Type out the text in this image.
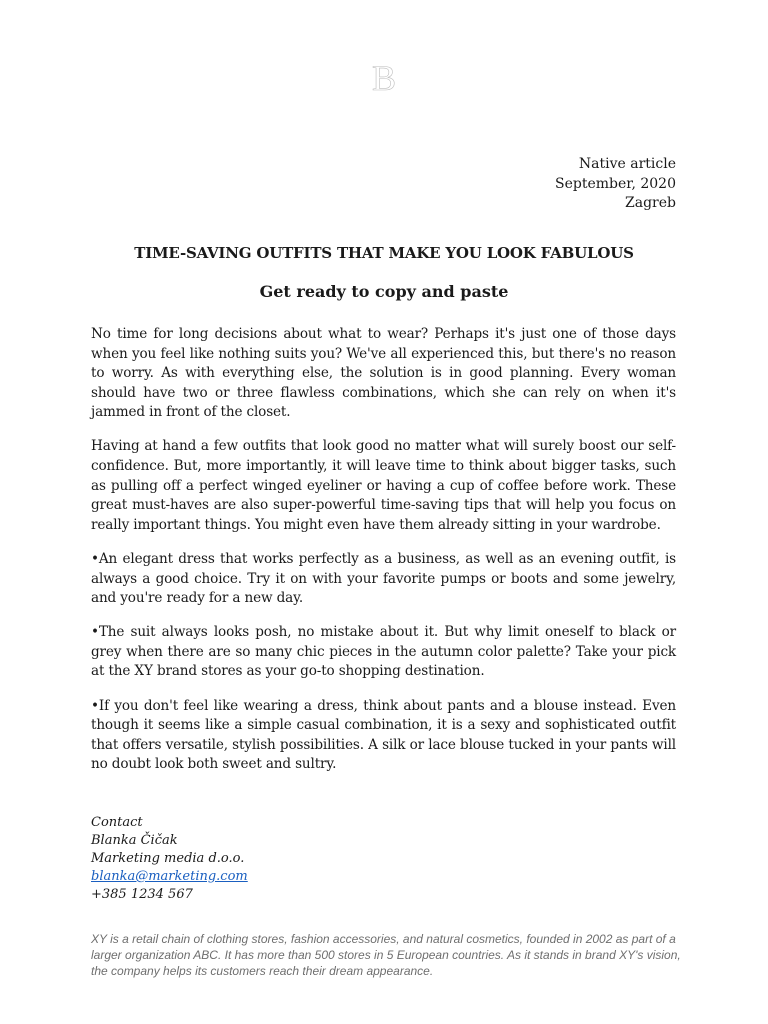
B
Native article
September, 2020
Zagreb
TIME-SAVING OUTFITS THAT MAKE YOU LOOK FABULOUS
Get ready to copy and paste

No time for long decisions about what to wear? Perhaps it's just one of those days when you feel like nothing suits you? We've all experienced this, but there's no reason to worry. As with everything else, the solution is in good planning. Every woman should have two or three flawless combinations, which she can rely on when it's jammed in front of the closet.

Having at hand a few outfits that look good no matter what will surely boost our self-confidence. But, more importantly, it will leave time to think about bigger tasks, such as pulling off a perfect winged eyeliner or having a cup of coffee before work. These great must-haves are also super-powerful time-saving tips that will help you focus on really important things. You might even have them already sitting in your wardrobe.

•An elegant dress that works perfectly as a business, as well as an evening outfit, is always a good choice. Try it on with your favorite pumps or boots and some jewelry, and you're ready for a new day.

•The suit always looks posh, no mistake about it. But why limit oneself to black or grey when there are so many chic pieces in the autumn color palette? Take your pick at the XY brand stores as your go-to shopping destination.

•If you don't feel like wearing a dress, think about pants and a blouse instead. Even though it seems like a simple casual combination, it is a sexy and sophisticated outfit that offers versatile, stylish possibilities. A silk or lace blouse tucked in your pants will no doubt look both sweet and sultry.

Contact
Blanka Čičak
Marketing media d.o.o.
blanka@marketing.com
+385 1234 567
XY is a retail chain of clothing stores, fashion accessories, and natural cosmetics, founded in 2002 as part of a larger organization ABC. It has more than 500 stores in 5 European countries. As it stands in brand XY's vision, the company helps its customers reach their dream appearance.
